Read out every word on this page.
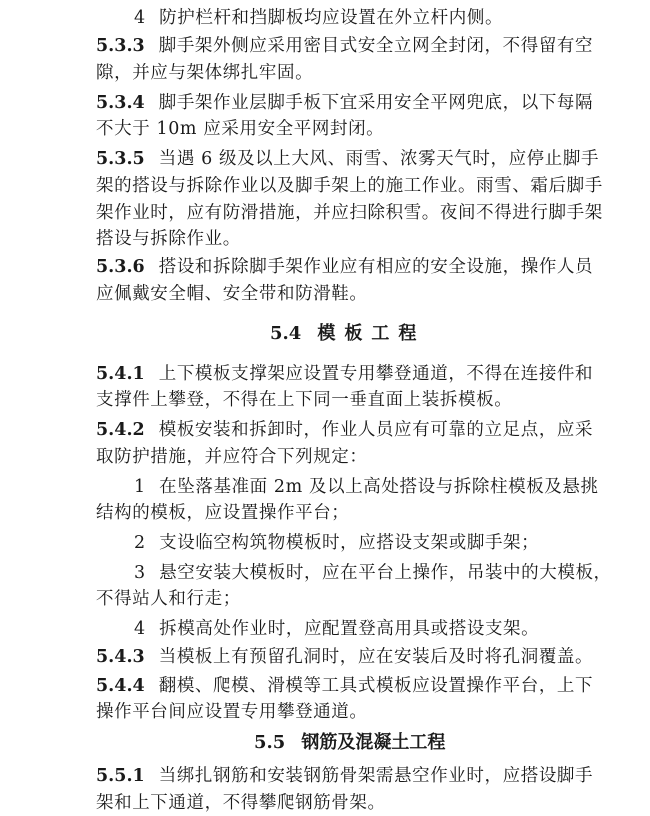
4 防护栏杆和挡脚板均应设置在外立杆内侧。
5.3.3 脚手架外侧应采用密目式安全立网全封闭，不得留有空
隙，并应与架体绑扎牢固。
5.3.4 脚手架作业层脚手板下宜采用安全平网兜底，以下每隔
不大于 10m 应采用安全平网封闭。
5.3.5 当遇 6 级及以上大风、雨雪、浓雾天气时，应停止脚手
架的搭设与拆除作业以及脚手架上的施工作业。雨雪、霜后脚手
架作业时，应有防滑措施，并应扫除积雪。夜间不得进行脚手架
搭设与拆除作业。
5.3.6 搭设和拆除脚手架作业应有相应的安全设施，操作人员
应佩戴安全帽、安全带和防滑鞋。
5.4 模板工程
5.4.1 上下模板支撑架应设置专用攀登通道，不得在连接件和
支撑件上攀登，不得在上下同一垂直面上装拆模板。
5.4.2 模板安装和拆卸时，作业人员应有可靠的立足点，应采
取防护措施，并应符合下列规定：
1 在坠落基准面 2m 及以上高处搭设与拆除柱模板及悬挑
结构的模板，应设置操作平台；
2 支设临空构筑物模板时，应搭设支架或脚手架；
3 悬空安装大模板时，应在平台上操作，吊装中的大模板，
不得站人和行走；
4 拆模高处作业时，应配置登高用具或搭设支架。
5.4.3 当模板上有预留孔洞时，应在安装后及时将孔洞覆盖。
5.4.4 翻模、爬模、滑模等工具式模板应设置操作平台，上下
操作平台间应设置专用攀登通道。
5.5 钢筋及混凝土工程
5.5.1 当绑扎钢筋和安装钢筋骨架需悬空作业时，应搭设脚手
架和上下通道，不得攀爬钢筋骨架。
